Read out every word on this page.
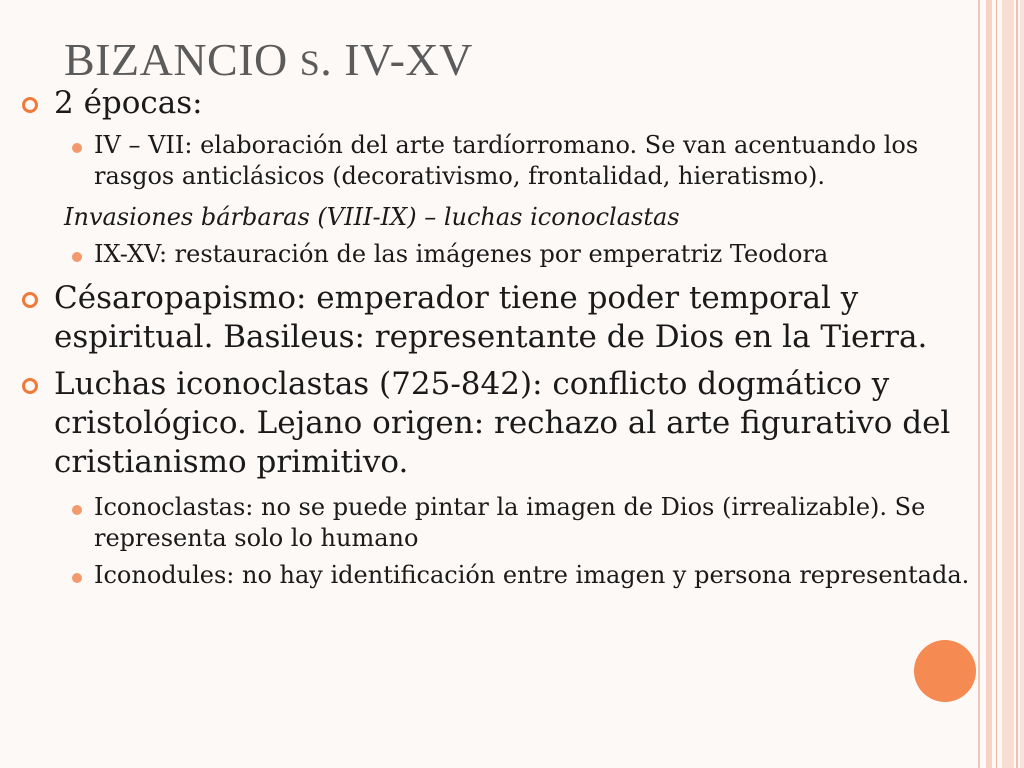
BIZANCIO S. IV-XV
2 épocas:
IV – VII: elaboración del arte tardíorromano. Se van acentuando los rasgos anticlásicos (decorativismo, frontalidad, hieratismo).
Invasiones bárbaras (VIII-IX) – luchas iconoclastas
IX-XV: restauración de las imágenes por emperatriz Teodora
Césaropapismo: emperador tiene poder temporal y espiritual. Basileus: representante de Dios en la Tierra.
Luchas iconoclastas (725-842): conflicto dogmático y cristológico. Lejano origen: rechazo al arte figurativo del cristianismo primitivo.
Iconoclastas: no se puede pintar la imagen de Dios (irrealizable). Se representa solo lo humano
Iconodules: no hay identificación entre imagen y persona representada.
